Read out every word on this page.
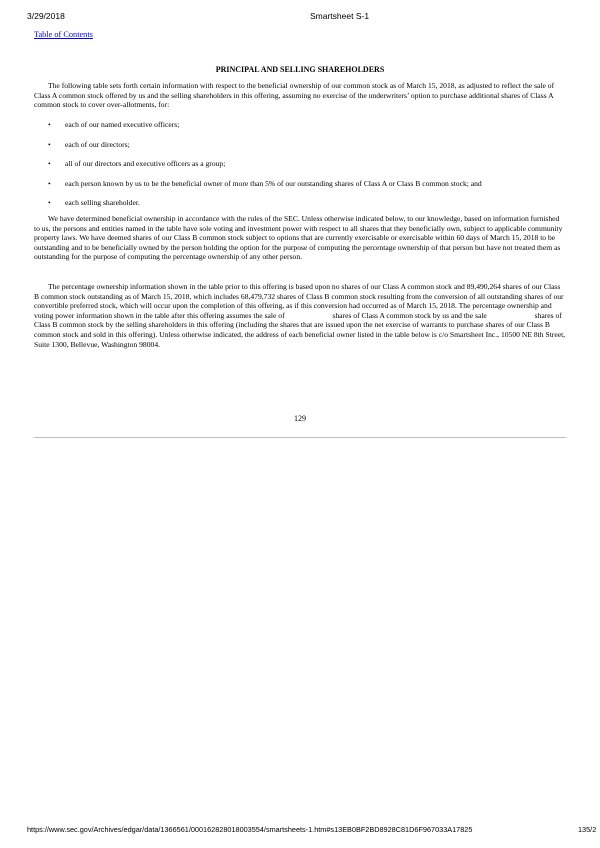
3/29/2018	Smartsheet S-1
Table of Contents
PRINCIPAL AND SELLING SHAREHOLDERS

The following table sets forth certain information with respect to the beneficial ownership of our common stock as of March 15, 2018, as adjusted to reflect the sale of Class A common stock offered by us and the selling shareholders in this offering, assuming no exercise of the underwriters’ option to purchase additional shares of Class A common stock to cover over-allotments, for:

• each of our named executive officers;
• each of our directors;
• all of our directors and executive officers as a group;
• each person known by us to be the beneficial owner of more than 5% of our outstanding shares of Class A or Class B common stock; and
• each selling shareholder.

We have determined beneficial ownership in accordance with the rules of the SEC. Unless otherwise indicated below, to our knowledge, based on information furnished to us, the persons and entities named in the table have sole voting and investment power with respect to all shares that they beneficially own, subject to applicable community property laws. We have deemed shares of our Class B common stock subject to options that are currently exercisable or exercisable within 60 days of March 15, 2018 to be outstanding and to be beneficially owned by the person holding the option for the purpose of computing the percentage ownership of that person but have not treated them as outstanding for the purpose of computing the percentage ownership of any other person.

The percentage ownership information shown in the table prior to this offering is based upon no shares of our Class A common stock and 89,490,264 shares of our Class B common stock outstanding as of March 15, 2018, which includes 68,479,732 shares of Class B common stock resulting from the conversion of all outstanding shares of our convertible preferred stock, which will occur upon the completion of this offering, as if this conversion had occurred as of March 15, 2018. The percentage ownership and voting power information shown in the table after this offering assumes the sale of	shares of Class A common stock by us and the sale	shares of Class B common stock by the selling shareholders in this offering (including the shares that are issued upon the net exercise of warrants to purchase shares of our Class B common stock and sold in this offering). Unless otherwise indicated, the address of each beneficial owner listed in the table below is c/o Smartsheet Inc., 10500 NE 8th Street, Suite 1300, Bellevue, Washington 98004.

129
https://www.sec.gov/Archives/edgar/data/1366561/000162828018003554/smartsheets-1.htm#s13EB0BF2BD8928C81D6F967033A17825	135/2
